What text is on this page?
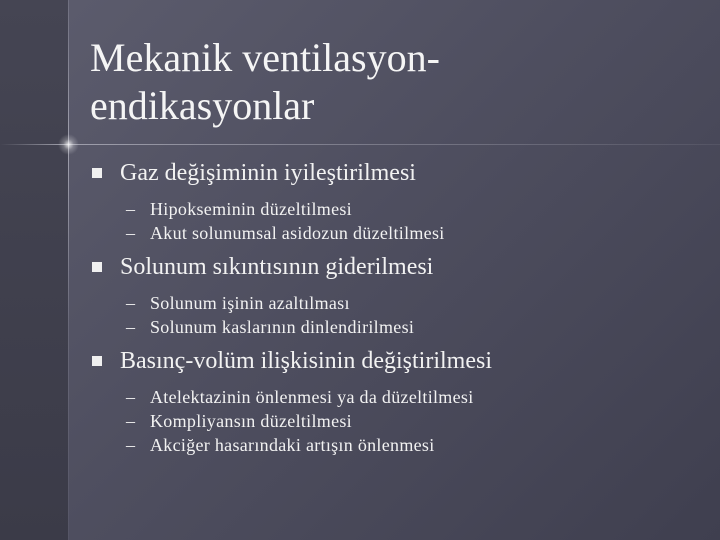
Mekanik ventilasyon-
endikasyonlar
Gaz değişiminin iyileştirilmesi
– Hipokseminin düzeltilmesi
– Akut solunumsal asidozun düzeltilmesi
Solunum sıkıntısının giderilmesi
– Solunum işinin azaltılması
– Solunum kaslarının dinlendirilmesi
Basınç-volüm ilişkisinin değiştirilmesi
– Atelektazinin önlenmesi ya da düzeltilmesi
– Kompliyansın düzeltilmesi
– Akciğer hasarındaki artışın önlenmesi
